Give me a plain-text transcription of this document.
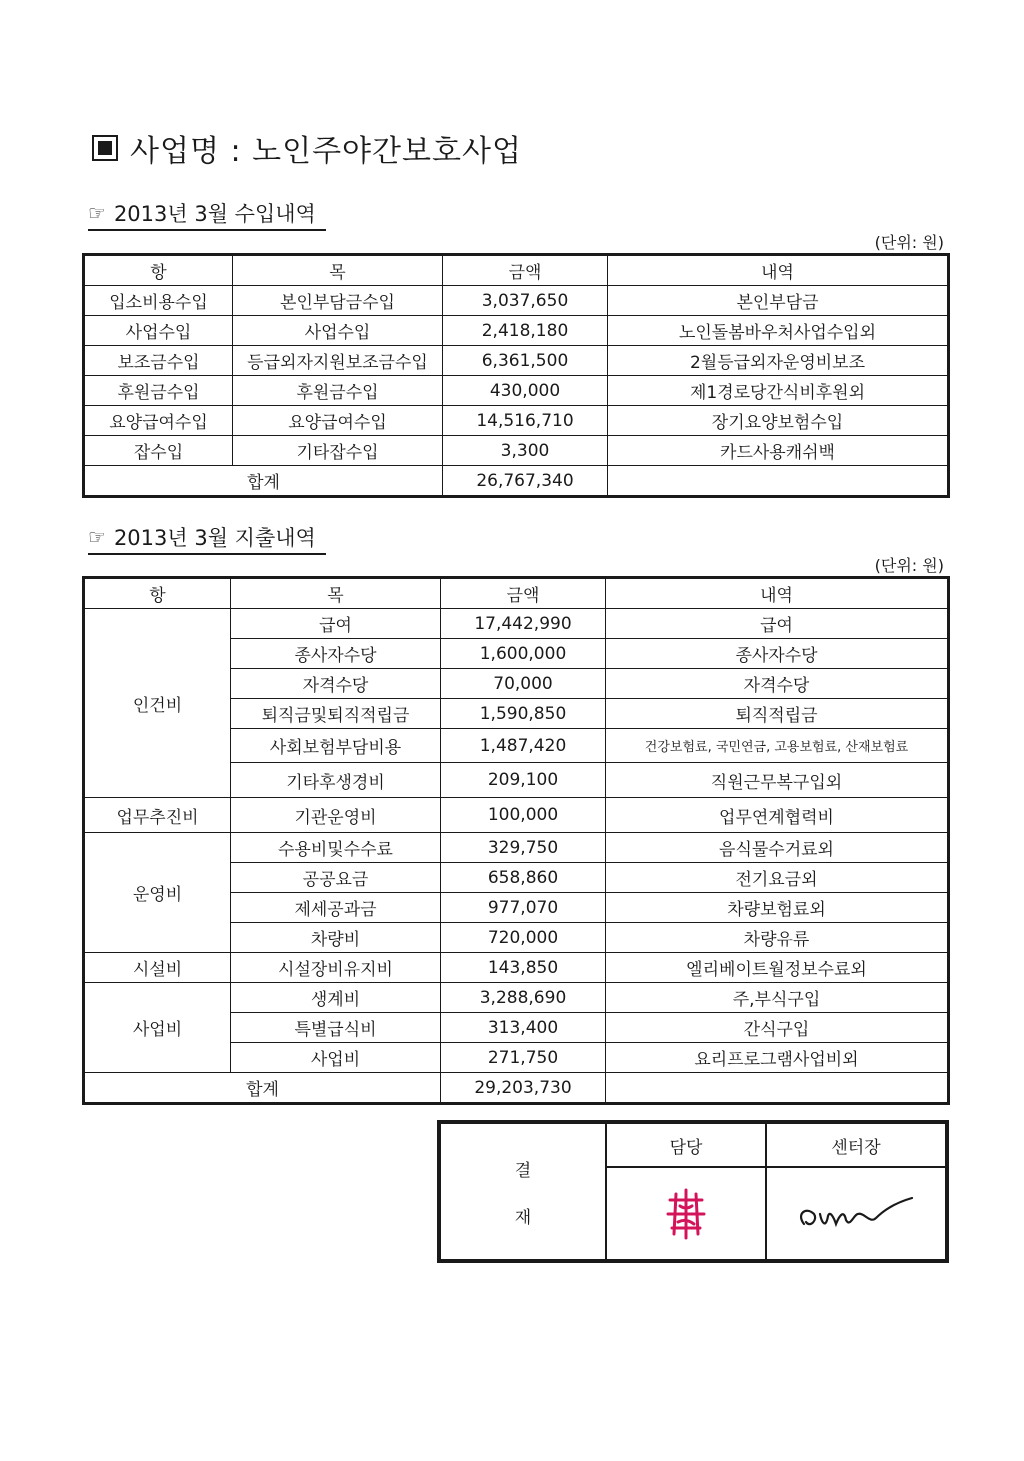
사업명 : 노인주야간보호사업
☞ 2013년 3월 수입내역
(단위: 원)
항	목	금액	내역
입소비용수입	본인부담금수입	3,037,650	본인부담금
사업수입	사업수입	2,418,180	노인돌봄바우처사업수입외
보조금수입	등급외자지원보조금수입	6,361,500	2월등급외자운영비보조
후원금수입	후원금수입	430,000	제1경로당간식비후원외
요양급여수입	요양급여수입	14,516,710	장기요양보험수입
잡수입	기타잡수입	3,300	카드사용캐쉬백
합계		26,767,340	
☞ 2013년 3월 지출내역
(단위: 원)
항	목	금액	내역
인건비	급여	17,442,990	급여
	종사자수당	1,600,000	종사자수당
	자격수당	70,000	자격수당
	퇴직금및퇴직적립금	1,590,850	퇴직적립금
	사회보험부담비용	1,487,420	건강보험료, 국민연금, 고용보험료, 산재보험료
	기타후생경비	209,100	직원근무복구입외
업무추진비	기관운영비	100,000	업무연계협력비
운영비	수용비및수수료	329,750	음식물수거료외
	공공요금	658,860	전기요금외
	제세공과금	977,070	차량보험료외
	차량비	720,000	차량유류
시설비	시설장비유지비	143,850	엘리베이트월정보수료외
사업비	생계비	3,288,690	주,부식구입
	특별급식비	313,400	간식구입
	사업비	271,750	요리프로그램사업비외
합계		29,203,730	
결
재
담당	센터장
